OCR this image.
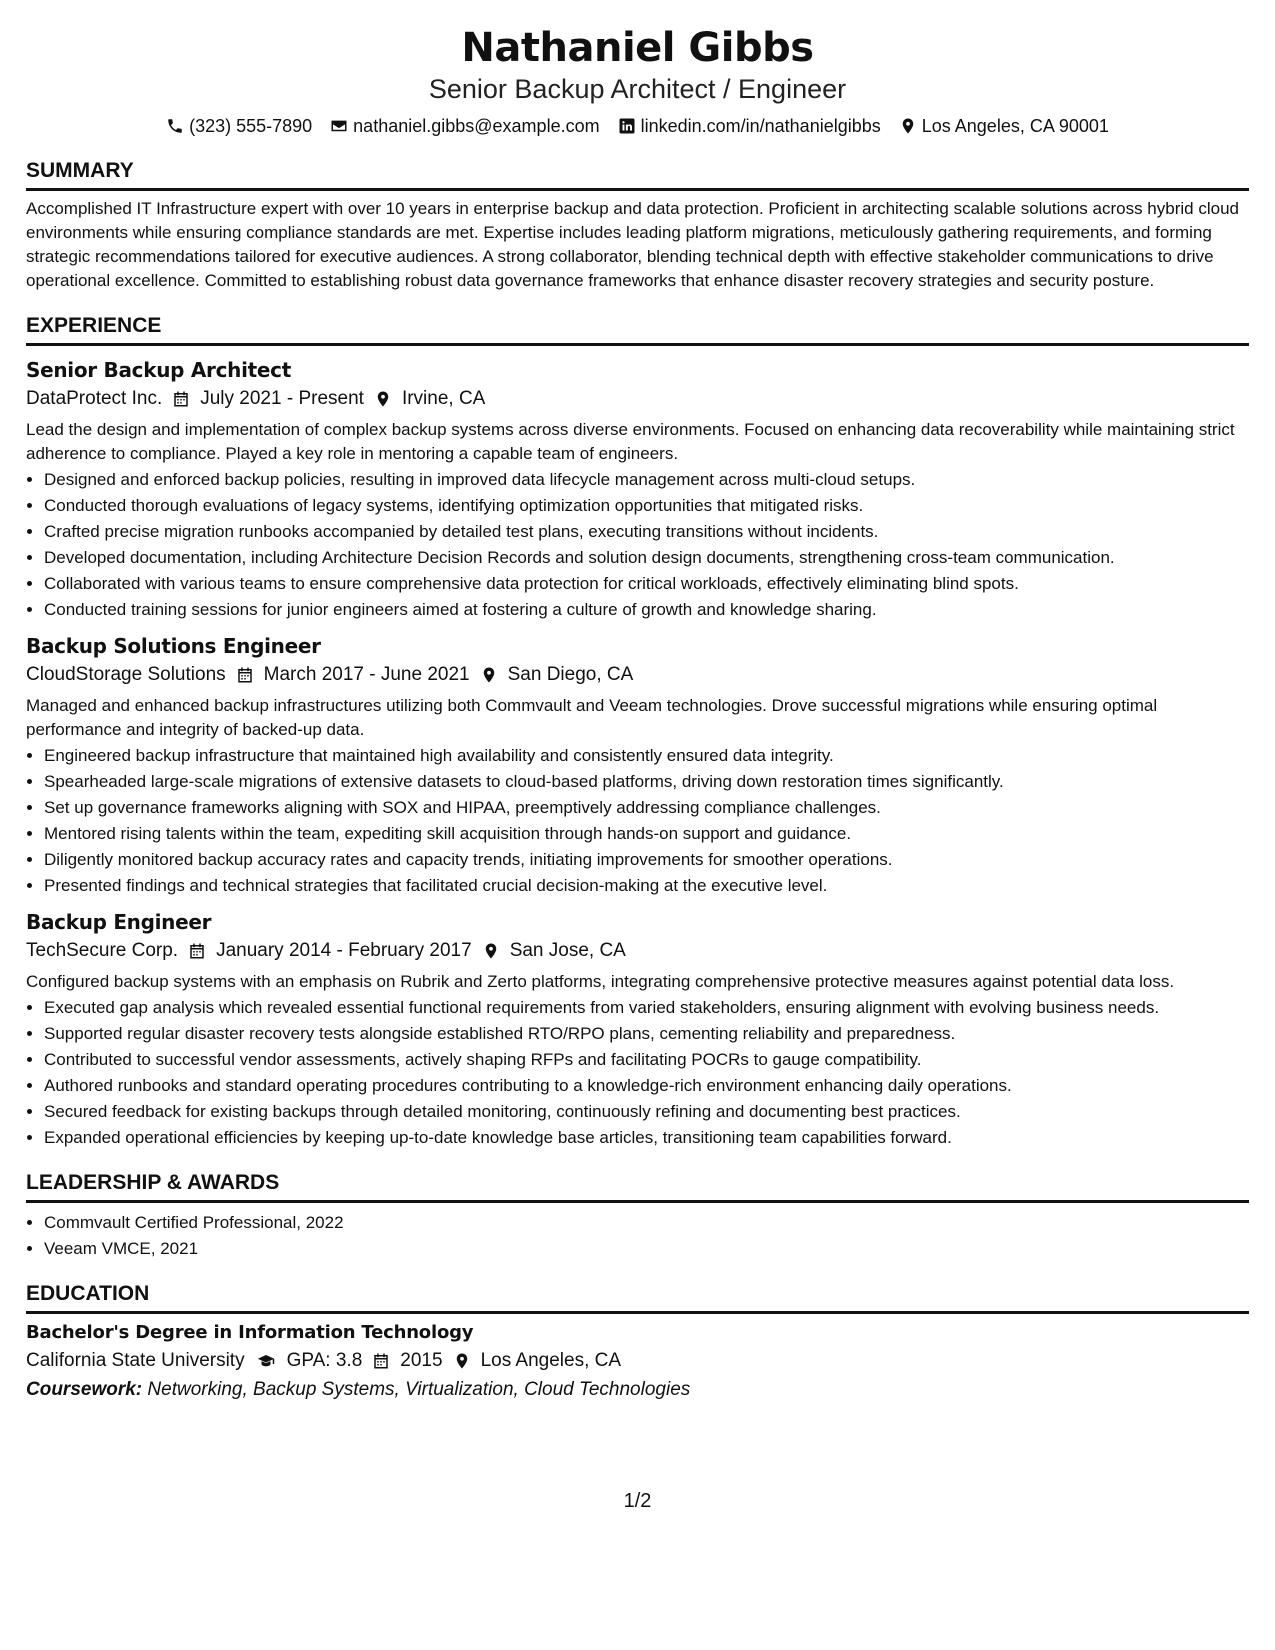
Nathaniel Gibbs

Senior Backup Architect / Engineer

(323) 555-7890 nathaniel.gibbs@example.com linkedin.com/in/nathanielgibbs Los Angeles, CA 90001
SUMMARY

Accomplished IT Infrastructure expert with over 10 years in enterprise backup and data protection. Proficient in architecting scalable solutions across hybrid cloud environments while ensuring compliance standards are met. Expertise includes leading platform migrations, meticulously gathering requirements, and forming strategic recommendations tailored for executive audiences. A strong collaborator, blending technical depth with effective stakeholder communications to drive operational excellence. Committed to establishing robust data governance frameworks that enhance disaster recovery strategies and security posture.

EXPERIENCE
Senior Backup Architect
DataProtect Inc. July 2021 - Present Irvine, CA

Lead the design and implementation of complex backup systems across diverse environments. Focused on enhancing data recoverability while maintaining strict adherence to compliance. Played a key role in mentoring a capable team of engineers.

• Designed and enforced backup policies, resulting in improved data lifecycle management across multi-cloud setups.
• Conducted thorough evaluations of legacy systems, identifying optimization opportunities that mitigated risks.
• Crafted precise migration runbooks accompanied by detailed test plans, executing transitions without incidents.
• Developed documentation, including Architecture Decision Records and solution design documents, strengthening cross-team communication.
• Collaborated with various teams to ensure comprehensive data protection for critical workloads, effectively eliminating blind spots.
• Conducted training sessions for junior engineers aimed at fostering a culture of growth and knowledge sharing.
Backup Solutions Engineer
CloudStorage Solutions March 2017 - June 2021 San Diego, CA

Managed and enhanced backup infrastructures utilizing both Commvault and Veeam technologies. Drove successful migrations while ensuring optimal performance and integrity of backed-up data.

• Engineered backup infrastructure that maintained high availability and consistently ensured data integrity.
• Spearheaded large-scale migrations of extensive datasets to cloud-based platforms, driving down restoration times significantly.
• Set up governance frameworks aligning with SOX and HIPAA, preemptively addressing compliance challenges.
• Mentored rising talents within the team, expediting skill acquisition through hands-on support and guidance.
• Diligently monitored backup accuracy rates and capacity trends, initiating improvements for smoother operations.
• Presented findings and technical strategies that facilitated crucial decision-making at the executive level.
Backup Engineer
TechSecure Corp. January 2014 - February 2017 San Jose, CA

Configured backup systems with an emphasis on Rubrik and Zerto platforms, integrating comprehensive protective measures against potential data loss.

• Executed gap analysis which revealed essential functional requirements from varied stakeholders, ensuring alignment with evolving business needs.
• Supported regular disaster recovery tests alongside established RTO/RPO plans, cementing reliability and preparedness.
• Contributed to successful vendor assessments, actively shaping RFPs and facilitating POCRs to gauge compatibility.
• Authored runbooks and standard operating procedures contributing to a knowledge-rich environment enhancing daily operations.
• Secured feedback for existing backups through detailed monitoring, continuously refining and documenting best practices.
• Expanded operational efficiencies by keeping up-to-date knowledge base articles, transitioning team capabilities forward.
LEADERSHIP & AWARDS
• Commvault Certified Professional, 2022
• Veeam VMCE, 2021
EDUCATION
Bachelor's Degree in Information Technology
California State University GPA: 3.8 2015 Los Angeles, CA
Coursework: Networking, Backup Systems, Virtualization, Cloud Technologies
1/2
